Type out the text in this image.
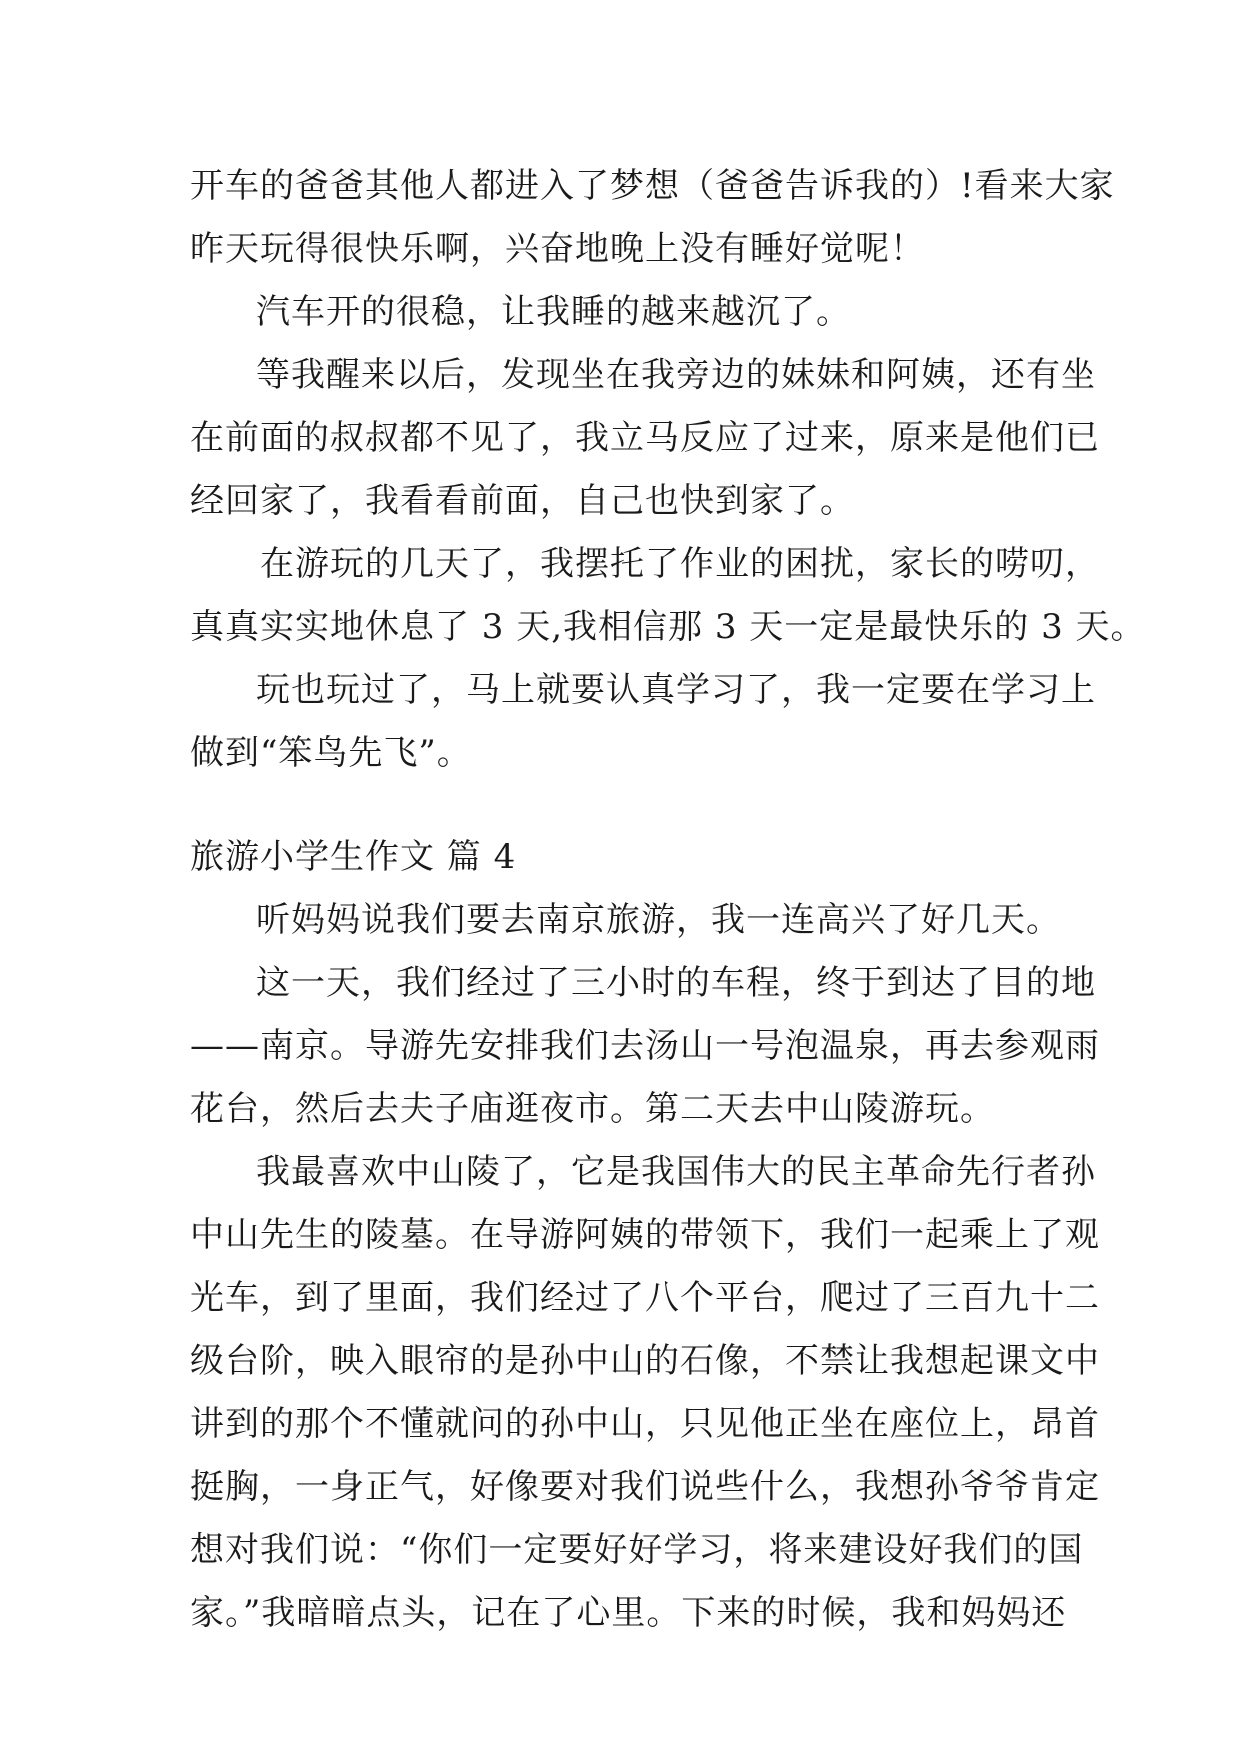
开车的爸爸其他人都进入了梦想（爸爸告诉我的）!看来大家
昨天玩得很快乐啊，兴奋地晚上没有睡好觉呢！
汽车开的很稳，让我睡的越来越沉了。
等我醒来以后，发现坐在我旁边的妹妹和阿姨，还有坐
在前面的叔叔都不见了，我立马反应了过来，原来是他们已
经回家了，我看看前面，自己也快到家了。
在游玩的几天了，我摆托了作业的困扰，家长的唠叨，
真真实实地休息了 3 天,我相信那 3 天一定是最快乐的 3 天。
玩也玩过了，马上就要认真学习了，我一定要在学习上
做到“笨鸟先飞”。
旅游小学生作文 篇 4
听妈妈说我们要去南京旅游，我一连高兴了好几天。
这一天，我们经过了三小时的车程，终于到达了目的地
——南京。导游先安排我们去汤山一号泡温泉，再去参观雨
花台，然后去夫子庙逛夜市。第二天去中山陵游玩。
我最喜欢中山陵了，它是我国伟大的民主革命先行者孙
中山先生的陵墓。在导游阿姨的带领下，我们一起乘上了观
光车，到了里面，我们经过了八个平台，爬过了三百九十二
级台阶，映入眼帘的是孙中山的石像，不禁让我想起课文中
讲到的那个不懂就问的孙中山，只见他正坐在座位上，昂首
挺胸，一身正气，好像要对我们说些什么，我想孙爷爷肯定
想对我们说：“你们一定要好好学习，将来建设好我们的国
家。”我暗暗点头，记在了心里。下来的时候，我和妈妈还
